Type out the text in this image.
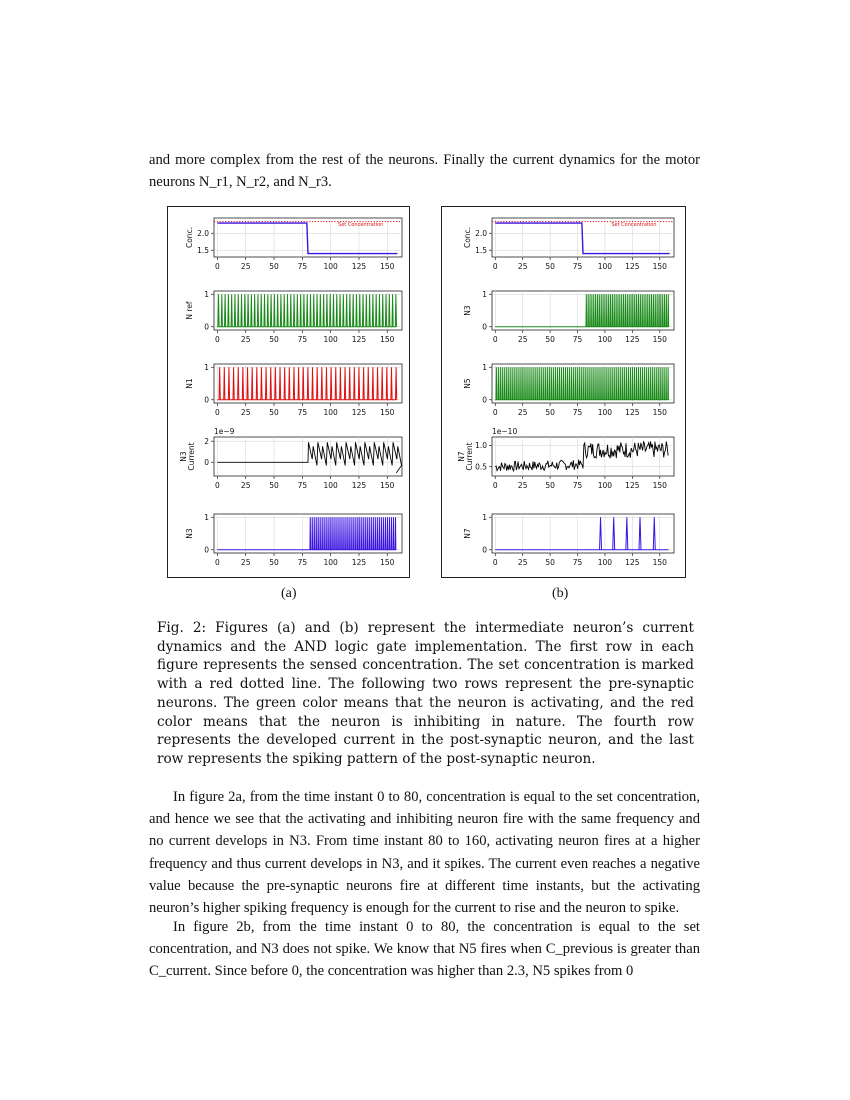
and more complex from the rest of the neurons. Finally the current dynamics for the motor neurons N_r1, N_r2, and N_r3.

0	25	50	75 100 125 150
2.0
1.5
Conc.
Set Concentration
0	25	50	75 100 125 150
1
0
N ref
0	25	50	75 100 125 150
1
0
N1
0	25	50	75 100 125 150
2
0
N3 Current
1e−9
0	25	50	75 100 125 150
1
0
N3
0	25 50 75 100 125 150
2.0
1.5
Conc.
Set Concentration
0	25 50 75 100 125 150
1
0
N3
0	25 50 75 100 125 150
1
0
N5
0	25 50 75 100 125 150
1.0
0.5
N7 Current
1e−10
0	25 50 75 100 125 150
1
0
N7
(a)	(b)

Fig. 2: Figures (a) and (b) represent the intermediate neuron’s current dynamics and the AND logic gate implementation. The first row in each figure represents the sensed concentration. The set concentration is marked with a red dotted line. The following two rows represent the pre-synaptic neurons. The green color means that the neuron is activating, and the red color means that the neuron is inhibiting in nature. The fourth row represents the developed current in the post-synaptic neuron, and the last row represents the spiking pattern of the post-synaptic neuron.

In figure 2a, from the time instant 0 to 80, concentration is equal to the set concentration, and hence we see that the activating and inhibiting neuron fire with the same frequency and no current develops in N3. From time instant 80 to 160, activating neuron fires at a higher frequency and thus current develops in N3, and it spikes. The current even reaches a negative value because the pre-synaptic neurons fire at different time instants, but the activating neuron’s higher spiking frequency is enough for the current to rise and the neuron to spike.

In figure 2b, from the time instant 0 to 80, the concentration is equal to the set concentration, and N3 does not spike. We know that N5 fires when C_previous is greater than C_current. Since before 0, the concentration was higher than 2.3, N5 spikes from 0
